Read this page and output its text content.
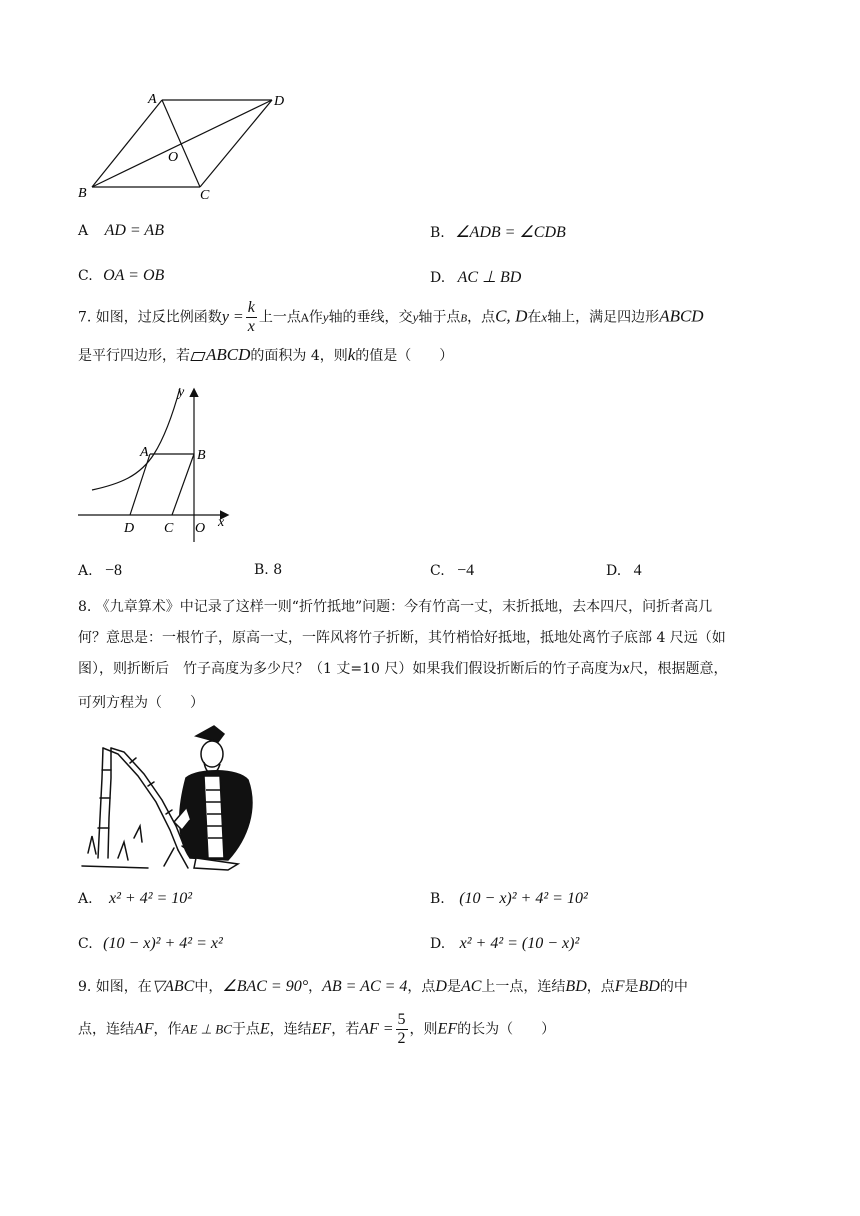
A	D
O
B	C
A AD = AB	B. ∠ADB = ∠CDB
C. OA = OB	D. AC ⊥ BD
7. 如图，过反比例函数$y = \frac{k}{x}$ 上一点A作y轴的垂线，交y轴于点B，点C, D在x轴上，满足四边形ABCD
是平行四边形，若 ABCD的面积为 4，则k的值是（　　）
y
A	B
D C O x
A. −8	B. 8	C. −4	D. 4
8. 《九章算术》中记录了这样一则“折竹抵地”问题：今有竹高一丈，末折抵地，去本四尺，问折者高几
何？意思是：一根竹子，原高一丈，一阵风将竹子折断，其竹梢恰好抵地，抵地处离竹子底部 4 尺远（如
图），则折断后　竹子高度为多少尺？（1 丈=10 尺）如果我们假设折断后的竹子高度为x尺，根据题意，
可列方程为（　　）
A. x² + 4² = 10²	B. (10 − x)² + 4² = 10²
C. (10 − x)² + 4² = x²	D. x² + 4² = (10 − x)²
9. 如图，在▽ABC中，∠BAC = 90°，AB = AC = 4，点D是AC上一点，连结BD，点F是BD的中
点，连结AF，作AE ⊥ BC于点E，连结EF，若AF = $\frac{5}{2}$ ，则EF的长为（　　）
